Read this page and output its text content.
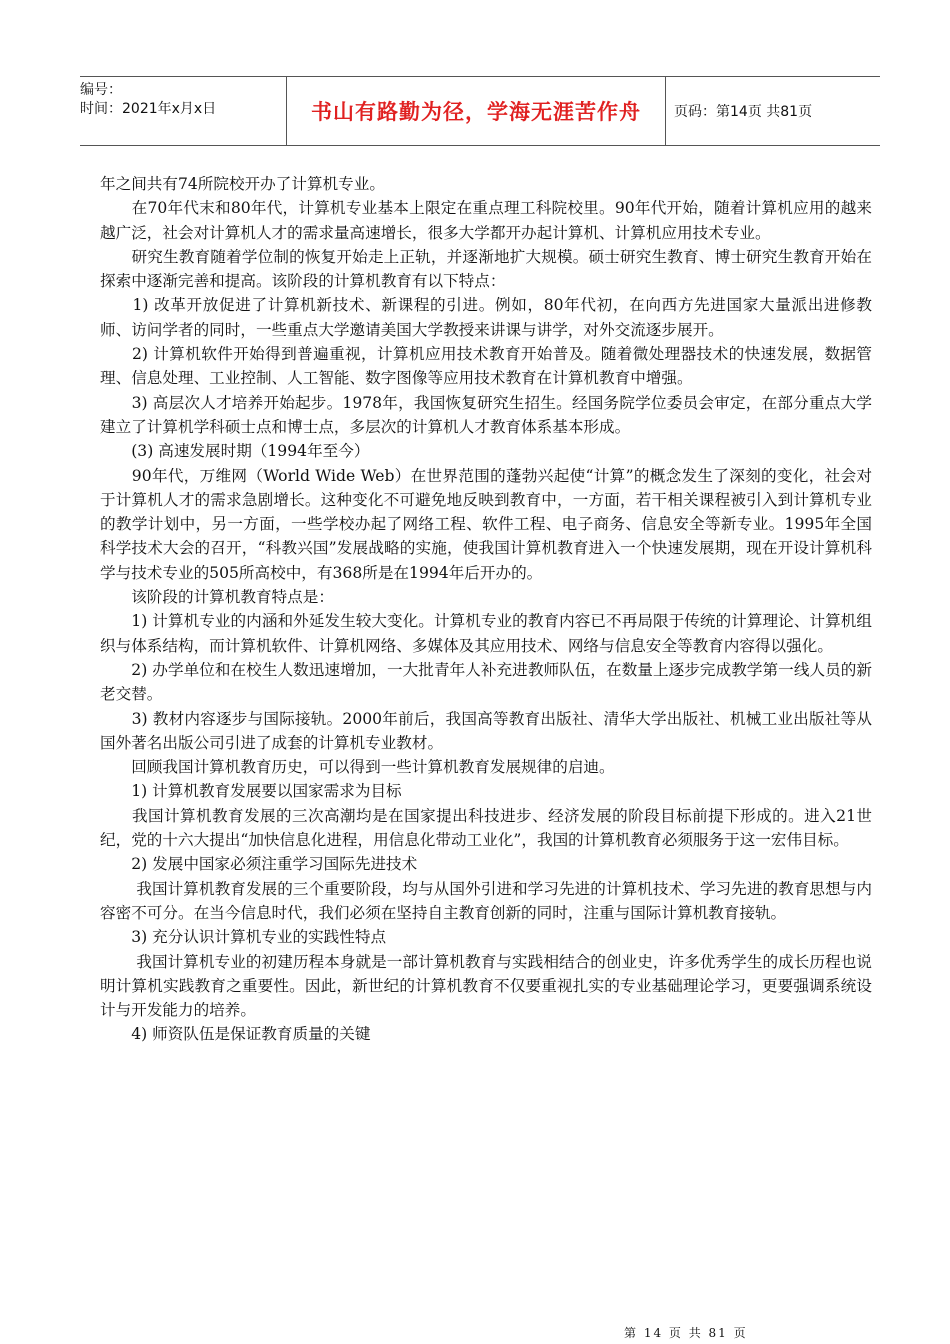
编号：
时间：2021年x月x日	书山有路勤为径，学海无涯苦作舟 页码：第14页 共81页

年之间共有74所院校开办了计算机专业。

　　在70年代末和80年代，计算机专业基本上限定在重点理工科院校里。90年代开始，随着计算机应用的越来越广泛，社会对计算机人才的需求量高速增长，很多大学都开办起计算机、计算机应用技术专业。

　　研究生教育随着学位制的恢复开始走上正轨，并逐渐地扩大规模。硕士研究生教育、博士研究生教育开始在探索中逐渐完善和提高。该阶段的计算机教育有以下特点：

　　1) 改革开放促进了计算机新技术、新课程的引进。例如，80年代初，在向西方先进国家大量派出进修教师、访问学者的同时，一些重点大学邀请美国大学教授来讲课与讲学，对外交流逐步展开。

　　2) 计算机软件开始得到普遍重视，计算机应用技术教育开始普及。随着微处理器技术的快速发展，数据管理、信息处理、工业控制、人工智能、数字图像等应用技术教育在计算机教育中增强。

　　3) 高层次人才培养开始起步。1978年，我国恢复研究生招生。经国务院学位委员会审定，在部分重点大学建立了计算机学科硕士点和博士点，多层次的计算机人才教育体系基本形成。

　　(3) 高速发展时期（1994年至今）

　　90年代，万维网（World Wide Web）在世界范围的蓬勃兴起使“计算”的概念发生了深刻的变化，社会对于计算机人才的需求急剧增长。这种变化不可避免地反映到教育中，一方面，若干相关课程被引入到计算机专业的教学计划中，另一方面，一些学校办起了网络工程、软件工程、电子商务、信息安全等新专业。1995年全国科学技术大会的召开，“科教兴国”发展战略的实施，使我国计算机教育进入一个快速发展期，现在开设计算机科学与技术专业的505所高校中，有368所是在1994年后开办的。

　　该阶段的计算机教育特点是：

　　1) 计算机专业的内涵和外延发生较大变化。计算机专业的教育内容已不再局限于传统的计算理论、计算机组织与体系结构，而计算机软件、计算机网络、多媒体及其应用技术、网络与信息安全等教育内容得以强化。

　　2) 办学单位和在校生人数迅速增加，一大批青年人补充进教师队伍，在数量上逐步完成教学第一线人员的新老交替。

　　3) 教材内容逐步与国际接轨。2000年前后，我国高等教育出版社、清华大学出版社、机械工业出版社等从国外著名出版公司引进了成套的计算机专业教材。

　　回顾我国计算机教育历史，可以得到一些计算机教育发展规律的启迪。

　　1) 计算机教育发展要以国家需求为目标

　　我国计算机教育发展的三次高潮均是在国家提出科技进步、经济发展的阶段目标前提下形成的。进入21世纪，党的十六大提出“加快信息化进程，用信息化带动工业化”，我国的计算机教育必须服务于这一宏伟目标。

　　2) 发展中国家必须注重学习国际先进技术

　　 我国计算机教育发展的三个重要阶段，均与从国外引进和学习先进的计算机技术、学习先进的教育思想与内容密不可分。在当今信息时代，我们必须在坚持自主教育创新的同时，注重与国际计算机教育接轨。

　　3) 充分认识计算机专业的实践性特点

　　 我国计算机专业的初建历程本身就是一部计算机教育与实践相结合的创业史，许多优秀学生的成长历程也说明计算机实践教育之重要性。因此，新世纪的计算机教育不仅要重视扎实的专业基础理论学习，更要强调系统设计与开发能力的培养。

　　4) 师资队伍是保证教育质量的关键

第 14 页 共 81 页
